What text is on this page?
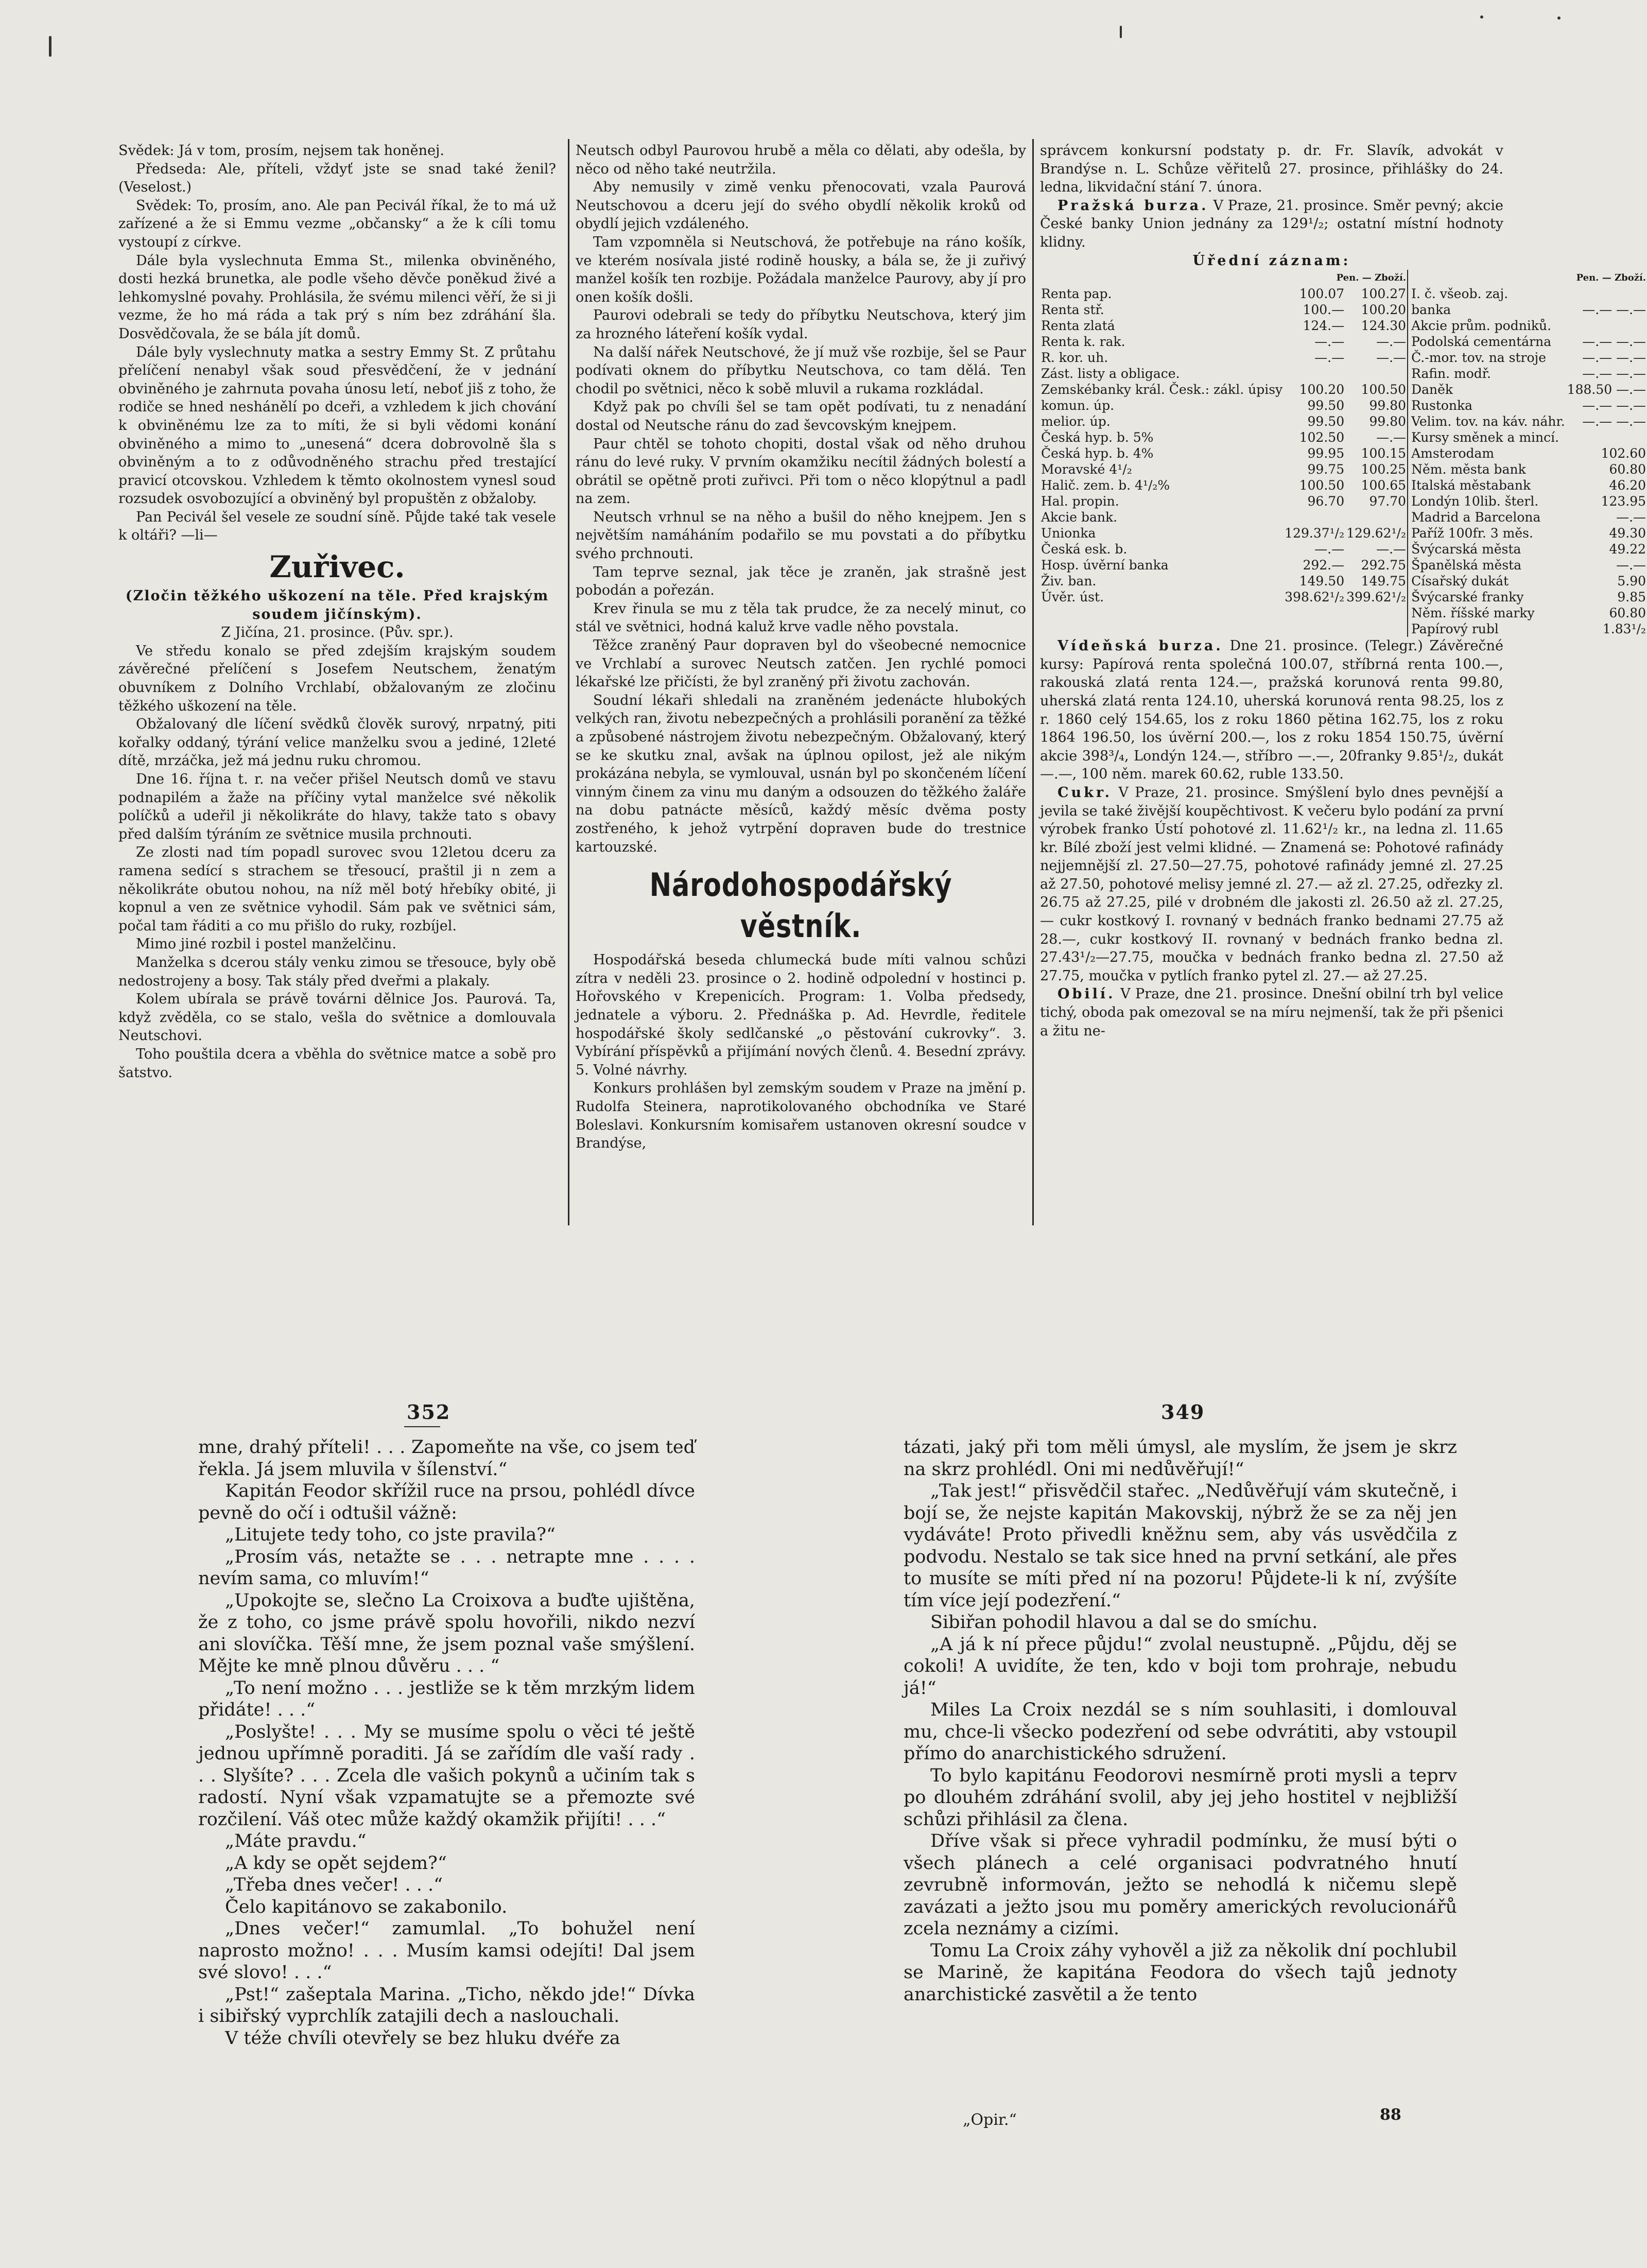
Svědek: Já v tom, prosím, nejsem tak honěnej.

Předseda: Ale, příteli, vždyť jste se snad také ženil? (Veselost.)

Svědek: To, prosím, ano. Ale pan Pecivál říkal, že to má už zařízené a že si Emmu vezme „občansky“ a že k cíli tomu vystoupí z církve.

Dále byla vyslechnuta Emma St., milenka obviněného, dosti hezká brunetka, ale podle všeho děvče poněkud živé a lehkomyslné povahy. Prohlásila, že svému milenci věří, že si ji vezme, že ho má ráda a tak prý s ním bez zdráhání šla. Dosvědčovala, že se bála jít domů.

Dále byly vyslechnuty matka a sestry Emmy St. Z průtahu přelíčení nenabyl však soud přesvědčení, že v jednání obviněného je zahrnuta povaha únosu letí, neboť jiš z toho, že rodiče se hned neshánělí po dceři, a vzhledem k jich chování k obviněnému lze za to míti, že si byli vědomi konání obviněného a mimo to „unesená“ dcera dobrovolně šla s obviněným a to z odůvodněného strachu před trestající pravicí otcovskou. Vzhledem k těmto okolnostem vynesl soud rozsudek osvobozující a obviněný byl propuštěn z obžaloby.

Pan Pecivál šel vesele ze soudní síně. Půjde také tak vesele k oltáři? —li—

Zuřivec.

(Zločin těžkého uškození na těle. Před krajským soudem jičínským).

Z Jičína, 21. prosince. (Pův. spr.).

Ve středu konalo se před zdejším krajským soudem závěrečné přelíčení s Josefem Neutschem, ženatým obuvníkem z Dolního Vrchlabí, obžalovaným ze zločinu těžkého uškození na těle.

Obžalovaný dle líčení svědků člověk surový, nrpatný, piti kořalky oddaný, týrání velice manželku svou a jediné, 12leté dítě, mrzáčka, jež má jednu ruku chromou.

Dne 16. října t. r. na večer přišel Neutsch domů ve stavu podnapilém a žaže na příčiny vytal manželce své několik políčků a udeřil ji několikráte do hlavy, takže tato s obavy před dalším týráním ze světnice musila prchnouti.

Ze zlosti nad tím popadl surovec svou 12letou dceru za ramena sedící s strachem se třesoucí, praštil ji n zem a několikráte obutou nohou, na níž měl botý hřebíky obité, ji kopnul a ven ze světnice vyhodil. Sám pak ve světnici sám, počal tam řáditi a co mu přišlo do ruky, rozbíjel.

Mimo jiné rozbil i postel manželčinu.

Manželka s dcerou stály venku zimou se třesouce, byly obě nedostrojeny a bosy. Tak stály před dveřmi a plakaly.

Kolem ubírala se právě továrni dělnice Jos. Paurová. Ta, když zvěděla, co se stalo, vešla do světnice a domlouvala Neutschovi.

Toho pouštila dcera a vběhla do světnice matce a sobě pro šatstvo.

Neutsch odbyl Paurovou hrubě a měla co dělati, aby odešla, by něco od něho také neutržila.

Aby nemusily v zimě venku přenocovati, vzala Paurová Neutschovou a dceru její do svého obydlí několik kroků od obydlí jejich vzdáleného.

Tam vzpomněla si Neutschová, že potřebuje na ráno košík, ve kterém nosívala jisté rodině housky, a bála se, že ji zuřivý manžel košík ten rozbije. Požádala manželce Paurovy, aby jí pro onen košík došli.

Paurovi odebrali se tedy do příbytku Neutschova, který jim za hrozného láteření košík vydal.

Na další nářek Neutschové, že jí muž vše rozbije, šel se Paur podívati oknem do příbytku Neutschova, co tam dělá. Ten chodil po světnici, něco k sobě mluvil a rukama rozkládal.

Když pak po chvíli šel se tam opět podívati, tu z nenadání dostal od Neutsche ránu do zad ševcovským knejpem.

Paur chtěl se tohoto chopiti, dostal však od něho druhou ránu do levé ruky. V prvním okamžiku necítil žádných bolestí a obrátil se opětně proti zuřivci. Při tom o něco klopýtnul a padl na zem.

Neutsch vrhnul se na něho a bušil do něho knejpem. Jen s největším namáháním podařilo se mu povstati a do příbytku svého prchnouti.

Tam teprve seznal, jak těce je zraněn, jak strašně jest pobodán a pořezán.

Krev řinula se mu z těla tak prudce, že za necelý minut, co stál ve světnici, hodná kaluž krve vadle něho povstala.

Těžce zraněný Paur dopraven byl do všeobecné nemocnice ve Vrchlabí a surovec Neutsch zatčen. Jen rychlé pomoci lékařské lze přičísti, že byl zraněný při životu zachován.

Soudní lékaři shledali na zraněném jedenácte hlubokých velkých ran, životu nebezpečných a prohlásili poranění za těžké a způsobené nástrojem životu nebezpečným. Obžalovaný, který se ke skutku znal, avšak na úplnou opilost, jež ale nikým prokázána nebyla, se vymlouval, usnán byl po skončeném líčení vinným činem za vinu mu daným a odsouzen do těžkého žaláře na dobu patnácte měsíců, každý měsíc dvěma posty zostřeného, k jehož vytrpění dopraven bude do trestnice kartouzské.

Národohospodářský věstník.

Hospodářská beseda chlumecká bude míti valnou schůzi zítra v neděli 23. prosince o 2. hodině odpolední v hostinci p. Hořovského v Krepenicích. Program: 1. Volba předsedy, jednatele a výboru. 2. Přednáška p. Ad. Hevrdle, ředitele hospodářské školy sedlčanské „o pěstování cukrovky“. 3. Vybírání příspěvků a přijímání nových členů. 4. Besední zprávy. 5. Volné návrhy.

Konkurs prohlášen byl zemským soudem v Praze na jmění p. Rudolfa Steinera, naprotikolovaného obchodníka ve Staré Boleslavi. Konkursním komisařem ustanoven okresní soudce v Brandýse,

správcem konkursní podstaty p. dr. Fr. Slavík, advokát v Brandýse n. L. Schůze věřitelů 27. prosince, přihlášky do 24. ledna, likvidační stání 7. února.

Pražská burza. V Praze, 21. prosince. Směr pevný; akcie České banky Union jednány za 129¹/₂; ostatní místní hodnoty klidny.

Úřední záznam:

	Pen. — Zboží.			Pen. — Zboží.
Renta pap.	100.07	100.27	I. č. všeob. zaj.	
Renta stř.	100.—	100.20	banka	—.— —.—
Renta zlatá	124.—	124.30	Akcie prům. podniků.	
Renta k. rak.	—.—	—.—	Podolská cementárna	—.— —.—
R. kor. uh.	—.—	—.—	Č.-mor. tov. na stroje	—.— —.—
Zást. listy a obligace.			Rafin. modř.	—.— —.—
Zemskébanky král. Česk.: zákl. úpisy	100.20	100.50	Daněk	188.50 —.—
komun. úp.	99.50	99.80	Rustonka	—.— —.—
melior. úp.	99.50	99.80	Velim. tov. na káv. náhr.	—.— —.—
Česká hyp. b. 5%	102.50	—.—	Kursy směnek a mincí.	
Česká hyp. b. 4%	99.95	100.15	Amsterodam	102.60
Moravské 4¹/₂	99.75	100.25	Něm. města bank	60.80
Halič. zem. b. 4¹/₂%	100.50	100.65	Italská městabank	46.20
Hal. propin.	96.70	97.70	Londýn 10lib. šterl.	123.95
Akcie bank.			Madrid a Barcelona	—.—
Unionka	129.37¹/₂	129.62¹/₂	Paříž 100fr. 3 měs.	49.30
Česká esk. b.	—.—	—.—	Švýcarská města	49.22
Hosp. úvěrní banka	292.—	292.75	Španělská města	—.—
Živ. ban.	149.50	149.75	Císařský dukát	5.90
Úvěr. úst.	398.62¹/₂	399.62¹/₂	Švýcarské franky	9.85
			Něm. říšské marky	60.80
			Papírový rubl	1.83¹/₂

Vídeňská burza. Dne 21. prosince. (Telegr.) Závěrečné kursy: Papírová renta společná 100.07, stříbrná renta 100.—, rakouská zlatá renta 124.—, pražská korunová renta 99.80, uherská zlatá renta 124.10, uherská korunová renta 98.25, los z r. 1860 celý 154.65, los z roku 1860 pětina 162.75, los z roku 1864 196.50, los úvěrní 200.—, los z roku 1854 150.75, úvěrní akcie 398³/₄, Londýn 124.—, stříbro —.—, 20franky 9.85¹/₂, dukát —.—, 100 něm. marek 60.62, ruble 133.50.

Cukr. V Praze, 21. prosince. Smýšlení bylo dnes pevnější a jevila se také živější koupěchtivost. K večeru bylo podání za první výrobek franko Ústí pohotové zl. 11.62¹/₂ kr., na ledna zl. 11.65 kr. Bílé zboží jest velmi klidné. — Znamená se: Pohotové rafinády nejjemnější zl. 27.50—27.75, pohotové rafinády jemné zl. 27.25 až 27.50, pohotové melisy jemné zl. 27.— až zl. 27.25, odřezky zl. 26.75 až 27.25, pilé v drobném dle jakosti zl. 26.50 až zl. 27.25, — cukr kostkový I. rovnaný v bednách franko bednami 27.75 až 28.—, cukr kostkový II. rovnaný v bednách franko bedna zl. 27.43¹/₂—27.75, moučka v bednách franko bedna zl. 27.50 až 27.75, moučka v pytlích franko pytel zl. 27.— až 27.25.

Obilí. V Praze, dne 21. prosince. Dnešní obilní trh byl velice tichý, oboda pak omezoval se na míru nejmenší, tak že při pšenici a žitu ne-

352	349

mne, drahý příteli! . . . Zapomeňte na vše, co jsem teď řekla. Já jsem mluvila v šílenství.“

Kapitán Feodor skřížil ruce na prsou, pohlédl dívce pevně do očí i odtušil vážně:

„Litujete tedy toho, co jste pravila?“

„Prosím vás, netažte se . . . netrapte mne . . . . nevím sama, co mluvím!“

„Upokojte se, slečno La Croixova a buďte ujištěna, že z toho, co jsme právě spolu hovořili, nikdo nezví ani slovíčka. Těší mne, že jsem poznal vaše smýšlení. Mějte ke mně plnou důvěru . . . “

„To není možno . . . jestliže se k těm mrzkým lidem přidáte! . . .“

„Poslyšte! . . . My se musíme spolu o věci té ještě jednou upřímně poraditi. Já se zařídím dle vaší rady . . . Slyšíte? . . . Zcela dle vašich pokynů a učiním tak s radostí. Nyní však vzpamatujte se a přemozte své rozčilení. Váš otec může každý okamžik přijíti! . . .“

„Máte pravdu.“

„A kdy se opět sejdem?“

„Třeba dnes večer! . . .“

Čelo kapitánovo se zakabonilo.

„Dnes večer!“ zamumlal. „To bohužel není naprosto možno! . . . Musím kamsi odejíti! Dal jsem své slovo! . . .“

„Pst!“ zašeptala Marina. „Ticho, někdo jde!“ Dívka i sibiřský vyprchlík zatajili dech a naslouchali.

V téže chvíli otevřely se bez hluku dvéře za

tázati, jaký při tom měli úmysl, ale myslím, že jsem je skrz na skrz prohlédl. Oni mi nedůvěřují!“

„Tak jest!“ přisvědčil stařec. „Nedůvěřují vám skutečně, i bojí se, že nejste kapitán Makovskij, nýbrž že se za něj jen vydáváte! Proto přivedli kněžnu sem, aby vás usvědčila z podvodu. Nestalo se tak sice hned na první setkání, ale přes to musíte se míti před ní na pozoru! Půjdete-li k ní, zvýšíte tím více její podezření.“

Sibiřan pohodil hlavou a dal se do smíchu.

„A já k ní přece půjdu!“ zvolal neustupně. „Půjdu, děj se cokoli! A uvidíte, že ten, kdo v boji tom prohraje, nebudu já!“

Miles La Croix nezdál se s ním souhlasiti, i domlouval mu, chce-li všecko podezření od sebe odvrátiti, aby vstoupil přímo do anarchistického sdružení.

To bylo kapitánu Feodorovi nesmírně proti mysli a teprv po dlouhém zdráhání svolil, aby jej jeho hostitel v nejbližší schůzi přihlásil za člena.

Dříve však si přece vyhradil podmínku, že musí býti o všech plánech a celé organisaci podvratného hnutí zevrubně informován, ježto se nehodlá k ničemu slepě zavázati a ježto jsou mu poměry amerických revolucionářů zcela neznámy a cizími.

Tomu La Croix záhy vyhověl a již za několik dní pochlubil se Marině, že kapitána Feodora do všech tajů jednoty anarchistické zasvětil a že tento

„Opir.“	88
